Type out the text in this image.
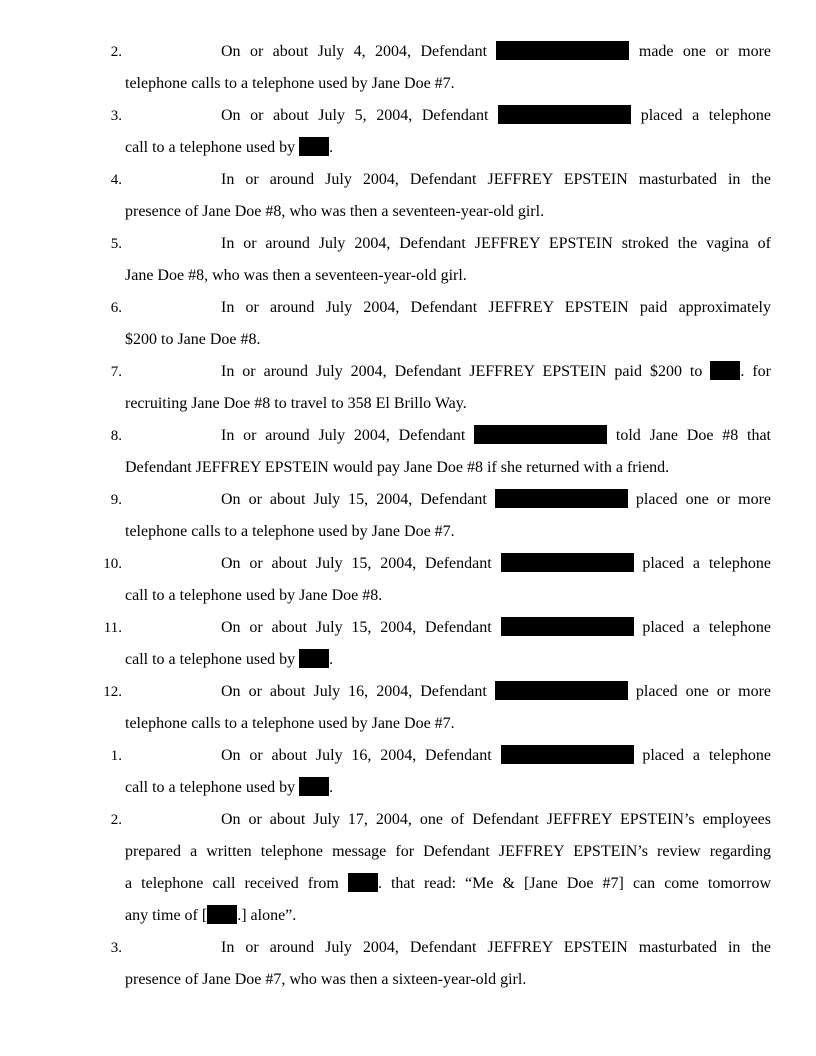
2.	On or about July 4, 2004, Defendant	made one or more
telephone calls to a telephone used by Jane Doe #7.
3.	On or about July 5, 2004, Defendant	placed a telephone
call to a telephone used by .
4.	In or around July 2004, Defendant JEFFREY EPSTEIN masturbated in the
presence of Jane Doe #8, who was then a seventeen-year-old girl.
5.	In or around July 2004, Defendant JEFFREY EPSTEIN stroked the vagina of
Jane Doe #8, who was then a seventeen-year-old girl.
6.	In or around July 2004, Defendant JEFFREY EPSTEIN paid approximately
$200 to Jane Doe #8.
7.	In or around July 2004, Defendant JEFFREY EPSTEIN paid $200 to . for
recruiting Jane Doe #8 to travel to 358 El Brillo Way.
8.	In or around July 2004, Defendant	told Jane Doe #8 that
Defendant JEFFREY EPSTEIN would pay Jane Doe #8 if she returned with a friend.
9.	On or about July 15, 2004, Defendant	placed one or more
telephone calls to a telephone used by Jane Doe #7.
10.	On or about July 15, 2004, Defendant	placed a telephone
call to a telephone used by Jane Doe #8.
11.	On or about July 15, 2004, Defendant	placed a telephone
call to a telephone used by .
12.	On or about July 16, 2004, Defendant	placed one or more
telephone calls to a telephone used by Jane Doe #7.
1.	On or about July 16, 2004, Defendant	placed a telephone
call to a telephone used by .
2.	On or about July 17, 2004, one of Defendant JEFFREY EPSTEIN’s employees
prepared a written telephone message for Defendant JEFFREY EPSTEIN’s review regarding
a telephone call received from . that read: “Me & [Jane Doe #7] can come tomorrow
any time of [ .] alone”.
3.	In or around July 2004, Defendant JEFFREY EPSTEIN masturbated in the
presence of Jane Doe #7, who was then a sixteen-year-old girl.
